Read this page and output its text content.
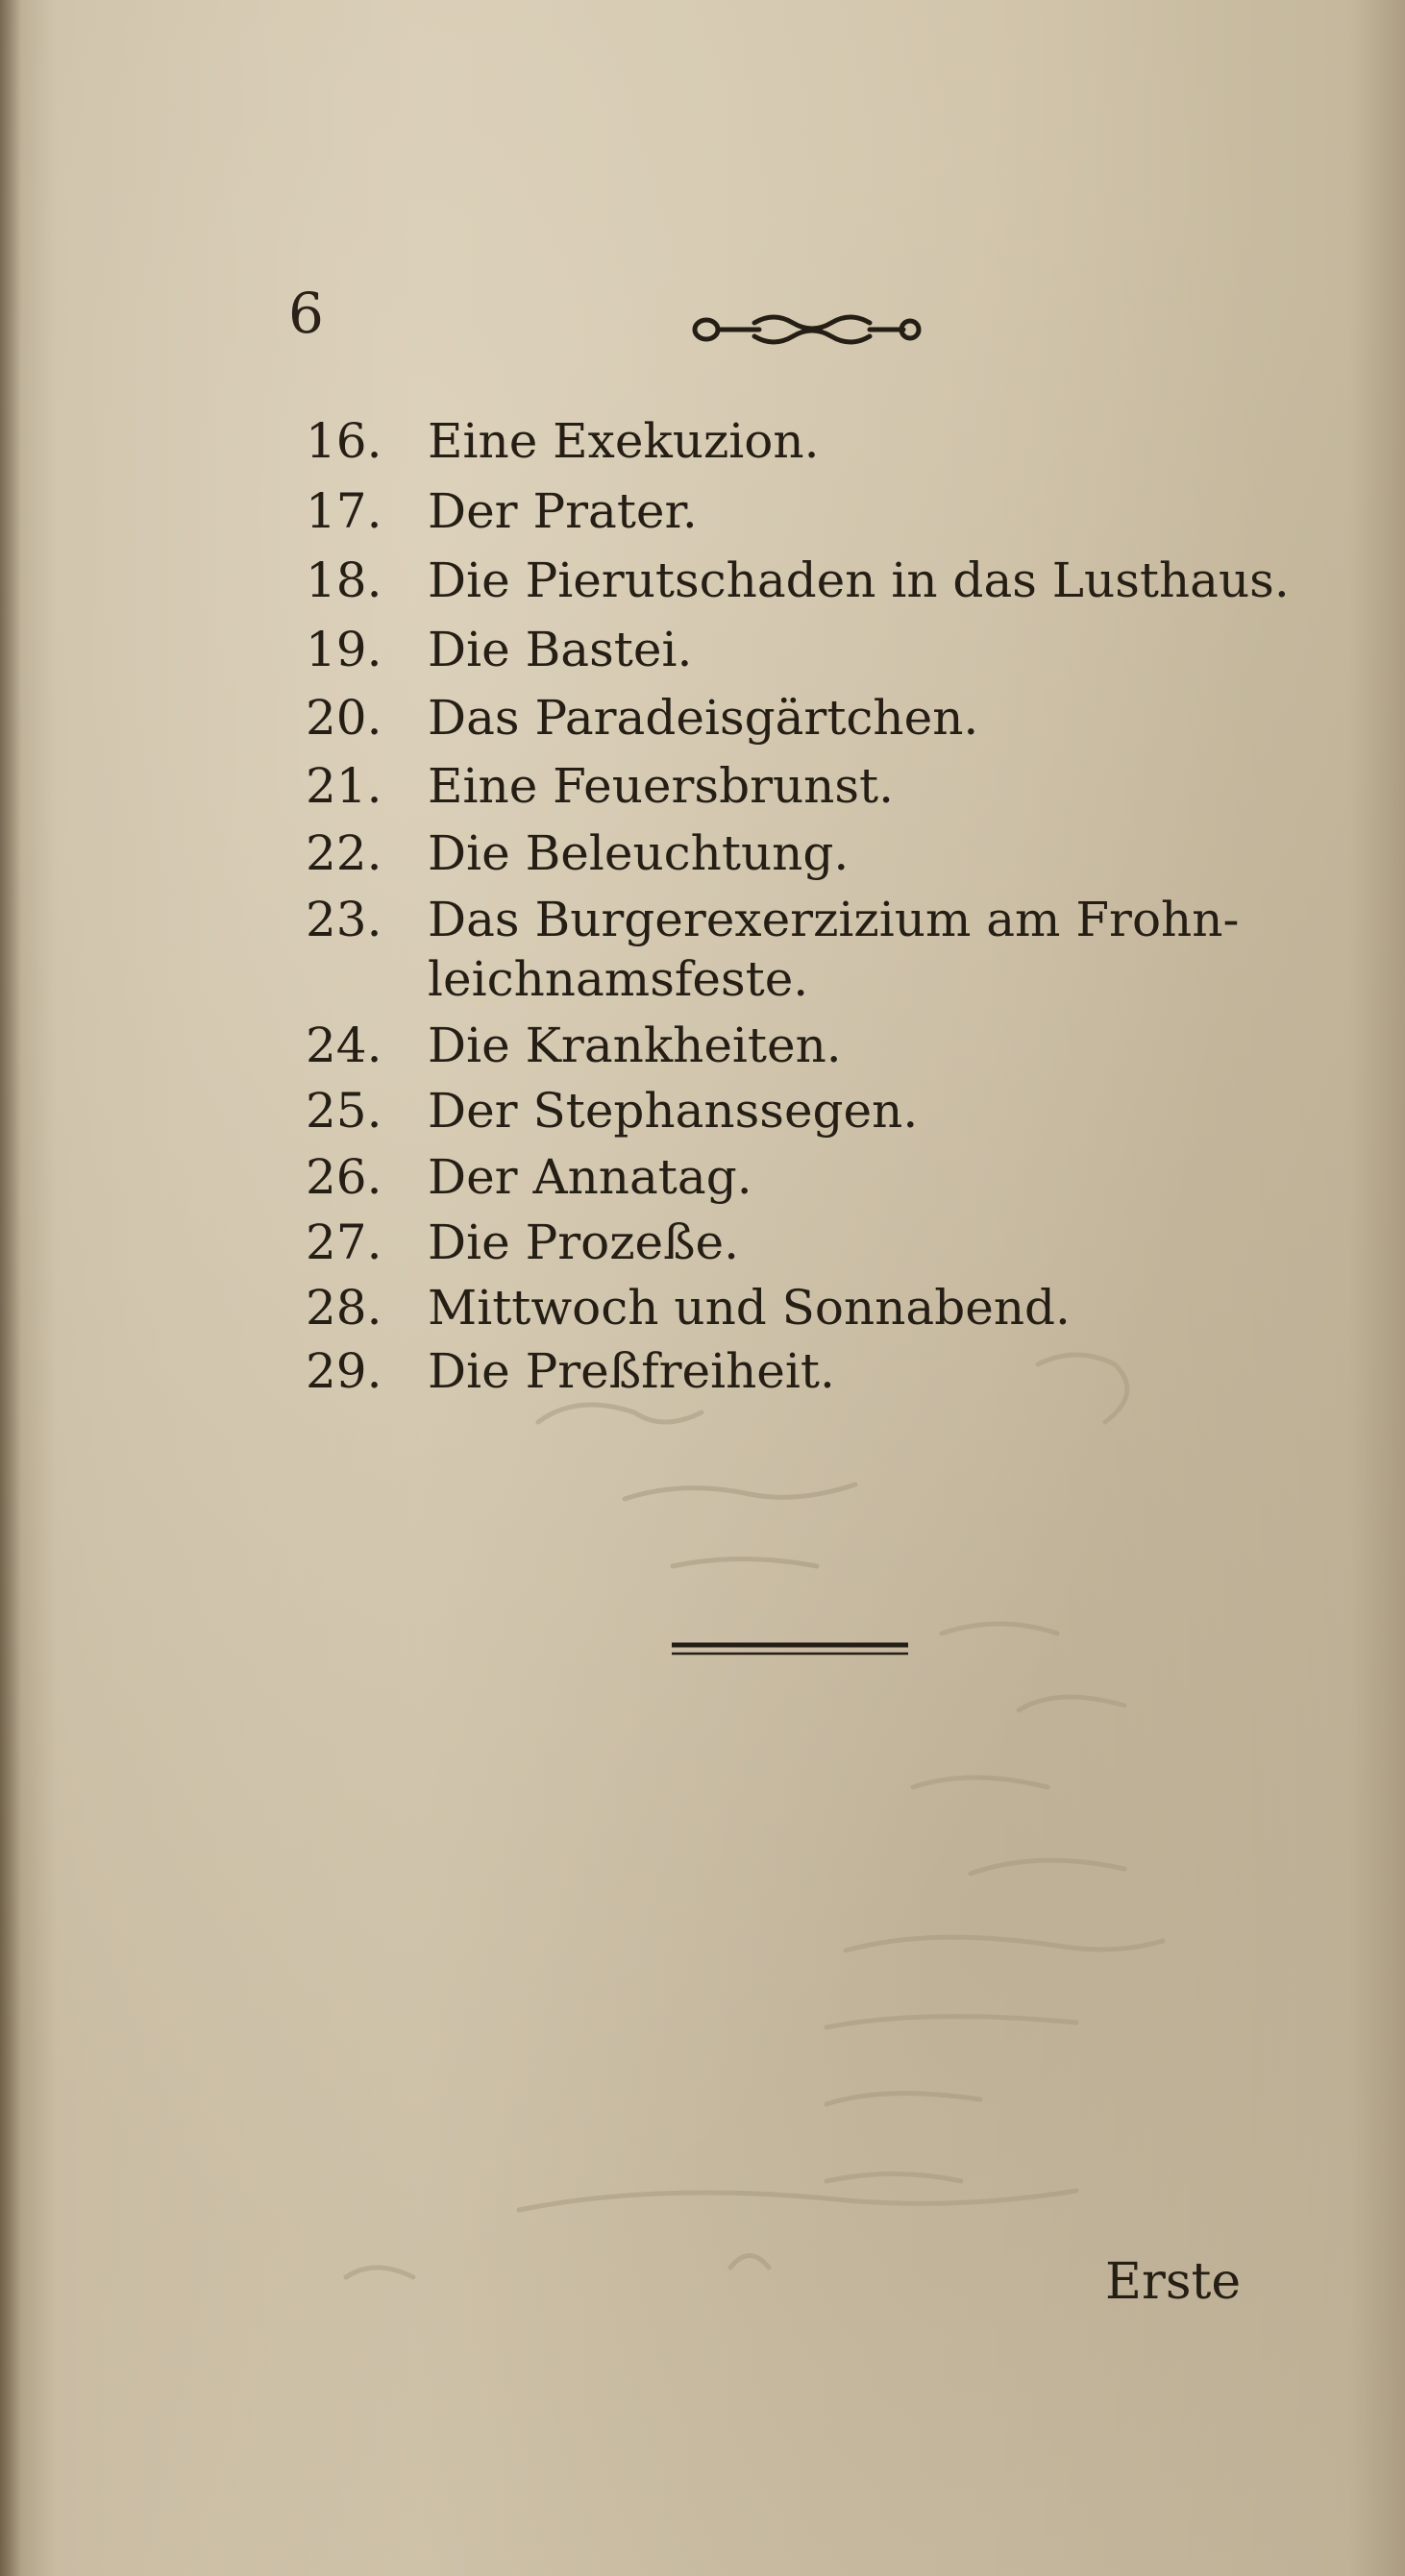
6
16. Eine Exekuzion.
17. Der Prater.
18. Die Pierutschaden in das Lusthaus.
19. Die Bastei.
20. Das Paradeisgärtchen.
21. Eine Feuersbrunst.
22. Die Beleuchtung.
23. Das Burgerexerzizium am Frohn-
leichnamsfeste.
24. Die Krankheiten.
25. Der Stephanssegen.
26. Der Annatag.
27. Die Prozeße.
28. Mittwoch und Sonnabend.
29. Die Preßfreiheit.
Erste
